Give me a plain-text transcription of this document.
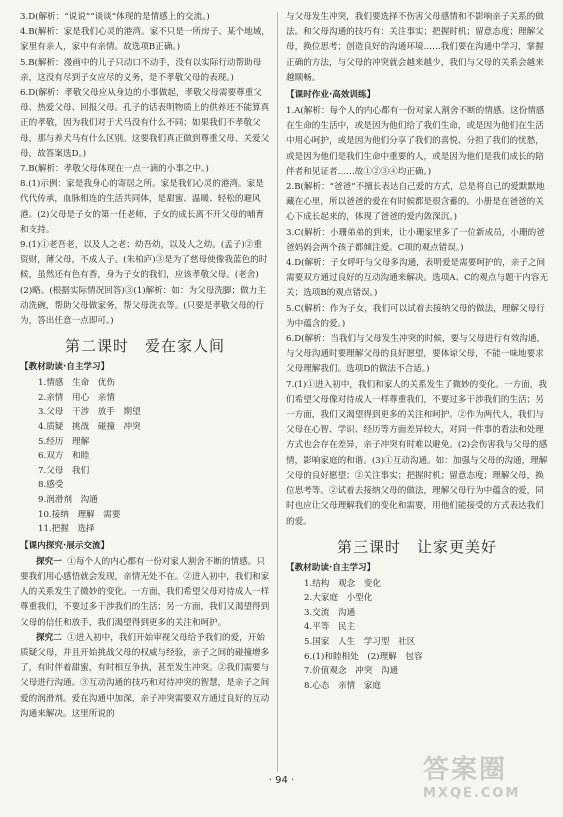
3.D(解析：“说说”“谈谈”体现的是情感上的交流。)

4.B(解析：家是我们心灵的港湾。家不只是一所房子、某个地域，家里有亲人，家中有亲情。故选项B正确。)

5.B(解析：漫画中的儿子只动口不动手，没有以实际行动帮助母亲，这没有尽到子女应尽的义务，是不孝敬父母的表现。)

6.D(解析：孝敬父母应从身边的小事做起，孝敬父母需要尊重父母、热爱父母、回报父母。孔子的话表明物质上的供养还不能算真正的孝敬，因为我们对于犬马没有什么不同；如果我们不孝敬父母，那与养犬马有什么区别。这要我们真正做到尊重父母、关爱父母，故答案选D。)

7.B(解析：孝敬父母体现在一点一滴的小事之中。)

8.(1)示例：家是我身心的寄居之所。家是我们心灵的港湾。家是代代传承，血脉相连的生活共同体，是甜蜜、温暖、轻松的避风港。(2)父母是子女的第一任老师，子女的成长离不开父母的哺育和支持。

9.(1)①老吾老，以及人之老；幼吾幼，以及人之幼。(孟子)②重资财，薄父母，不成人子。(朱柏庐)③是为了慈母使像我蓝色的时候，虽然还有色有香，身为子女的我们，应该孝敬父母。(老舍)(2)略。(根据实际情况回答)③(1)解析：如：为父母洗脚；做力主动洗碗，帮助父母做家务，帮父母洗衣等。(只要是孝敬父母的行为，答出任意一点即可。)

第二课时　爱在家人间
【教材助读·自主学习】
1.情感　生命　优伤
2.亲情　用心　亲情
3.父母　干涉　放手　期望
4.质疑　挑战　碰撞　冲突
5.经历　理解
6.双方　和睦
7.父母　我们
8.感受
9.润滑剂　沟通
10.接纳　理解　需要
11.把握　选择
【课内探究·展示交流】

探究一 ①每个人的内心都有一份对家人割舍不断的情感。只要我们用心感悟就会发现，亲情无处不在。②进入初中，我们和家人的关系发生了微妙的变化。一方面，我们希望父母对待成人一样尊重我们，不要过多干涉我们的生活；另一方面，我们又渴望得到父母的信任和放手，我们渴望得到更多的关注和呵护。

探究二 ①进入初中，我们开始审视父母给予我们的爱，开始质疑父母，并且开始挑战父母的权威与经验，亲子之间的碰撞增多了，有时伴着甜蜜，有时相互争执，甚至发生冲突。②我们需要与父母进行沟通。③互动沟通的技巧和对待冲突的智慧，是亲子之间爱的润滑剂。爱在沟通中加深，亲子冲突需要双方通过良好的互动沟通来解决。这里所说的

与父母发生冲突，我们要选择不伤害父母感情和不影响亲子关系的做法。和父母沟通的技巧有：关注事实；把握时机；留意态度；理解父母，换位思考；创造良好的沟通环境……我们要在沟通中学习，掌握正确的方法，与父母的冲突就会越来越少，我们与父母的关系会越来越顺畅。

【课时作业·高效训练】

1.A(解析：每个人的内心都有一份对家人割舍不断的情感。这份情感在生命的生活中，或是因为他们给了我们生命，或是因为他们在生活中用心呵护，或是因为他们分享了我们的喜悦、分担了我们的忧愁，或是因为他们是我们生命中重要的人，或是因为他们是我们成长的陪伴者和见证者……故①②③④均正确。)

2.B(解析：“爸爸”不擅长表达自己爱的方式，总是将自己的爱默默地藏在心里，所以爸爸的爱在有时候都是很含蓄的。小册是在爸爸的关心下成长起来的，体现了爸爸的爱内敛深沉。)

3.C(解析：小珊弟弟的到来，让小珊家里多了一位新成员，小珊的爸爸妈妈会两个孩子都倾注爱。C项的观点错误。)

4.D(解析：子女呼吁与父母多沟通，表明爱是需要呵护的，亲子之间需要双方通过良好的互动沟通来解决。选项A、C的观点与题干内容无关；选项B的观点错误。)

5.C(解析：作为子女，我们可以试着去接纳父母的做法，理解父母行为中蕴含的爱。)

6.D(解析：当我们与父母发生冲突的时候，要与父母进行有效沟通，与父母沟通时要理解父母的良好愿望，要体谅父母，不能一味地要求父母理解我们。选项D的做法不合适。)

7.(1)①进入初中，我们和家人的关系发生了微妙的变化。一方面，我们希望父母像对待成人一样尊重我们，不要过多干涉我们的生活；另一方面，我们又渴望得到更多的关注和呵护。②作为两代人，我们与父母在心智、学识、经历等方面差异较大，对同一件事的看法和处理方式也会存在差异，亲子冲突有时难以避免。(2)会伤害我与父母的感情，影响家庭的和谐。(3)①互动沟通。如：加强与父母的沟通，理解父母的良好愿望；②关注事实；把握时机；留意态度；理解父母，换位思考等。②试着去接纳父母的做法，理解父母行为中蕴含的爱，同时也应让父母理解我们的变化和需要，用他们能接受的方式表达我们的爱。

第三课时　让家更美好
【教材助读·自主学习】
1.结构　观念　变化
2.大家庭　小型化
3.交流　沟通
4.平等　民主
5.国家　人生　学习型　社区
6.(1)和睦相处　(2)理解　包容
7.价值观念　冲突　沟通
8.心态　亲情　家庭
· 94 ·	答案圈
MXQE.COM
